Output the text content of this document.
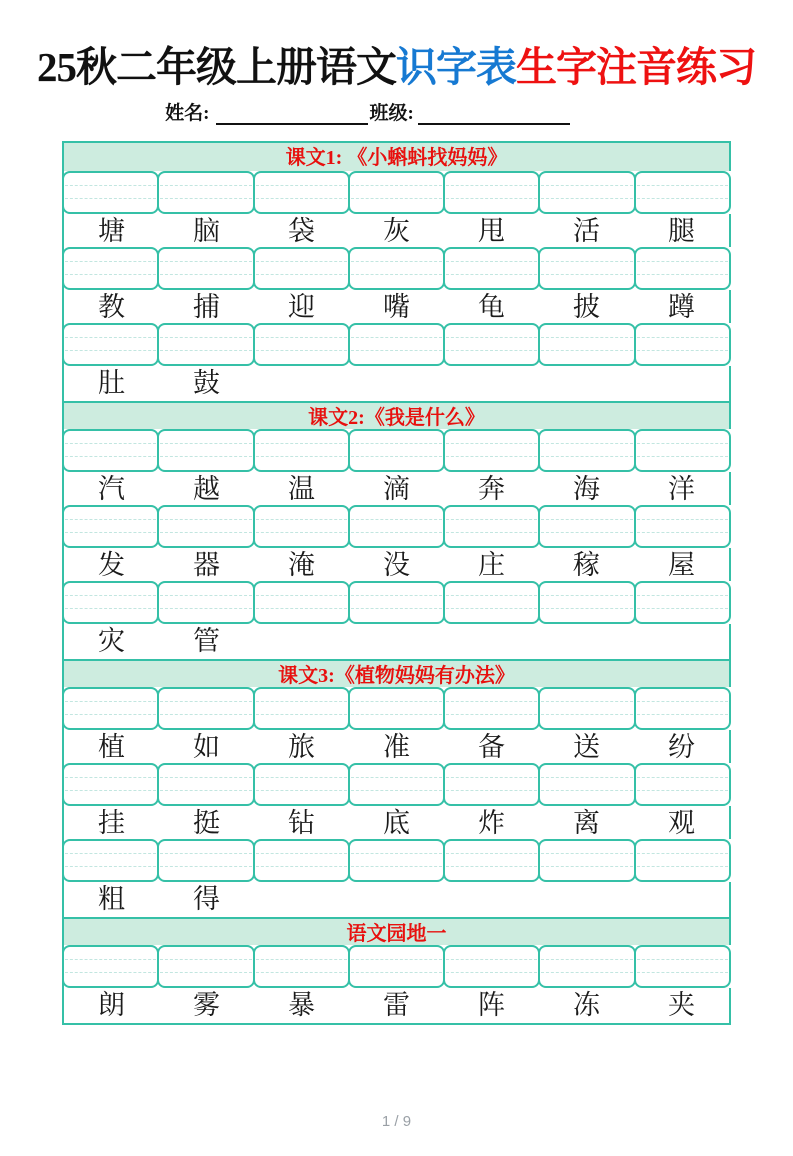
25秋二年级上册语文识字表生字注音练习
姓名:	班级:
课文1: 《小蝌蚪找妈妈》
塘	脑	袋	灰	甩	活	腿
教	捕	迎	嘴	龟	披	蹲
肚	鼓
课文2:《我是什么》
汽	越	温	滴	奔	海	洋
发	器	淹	没	庄	稼	屋
灾	管
课文3:《植物妈妈有办法》
植	如	旅	准	备	送	纷
挂	挺	钻	底	炸	离	观
粗	得
语文园地一
朗	雾	暴	雷	阵	冻	夹
1 / 9
